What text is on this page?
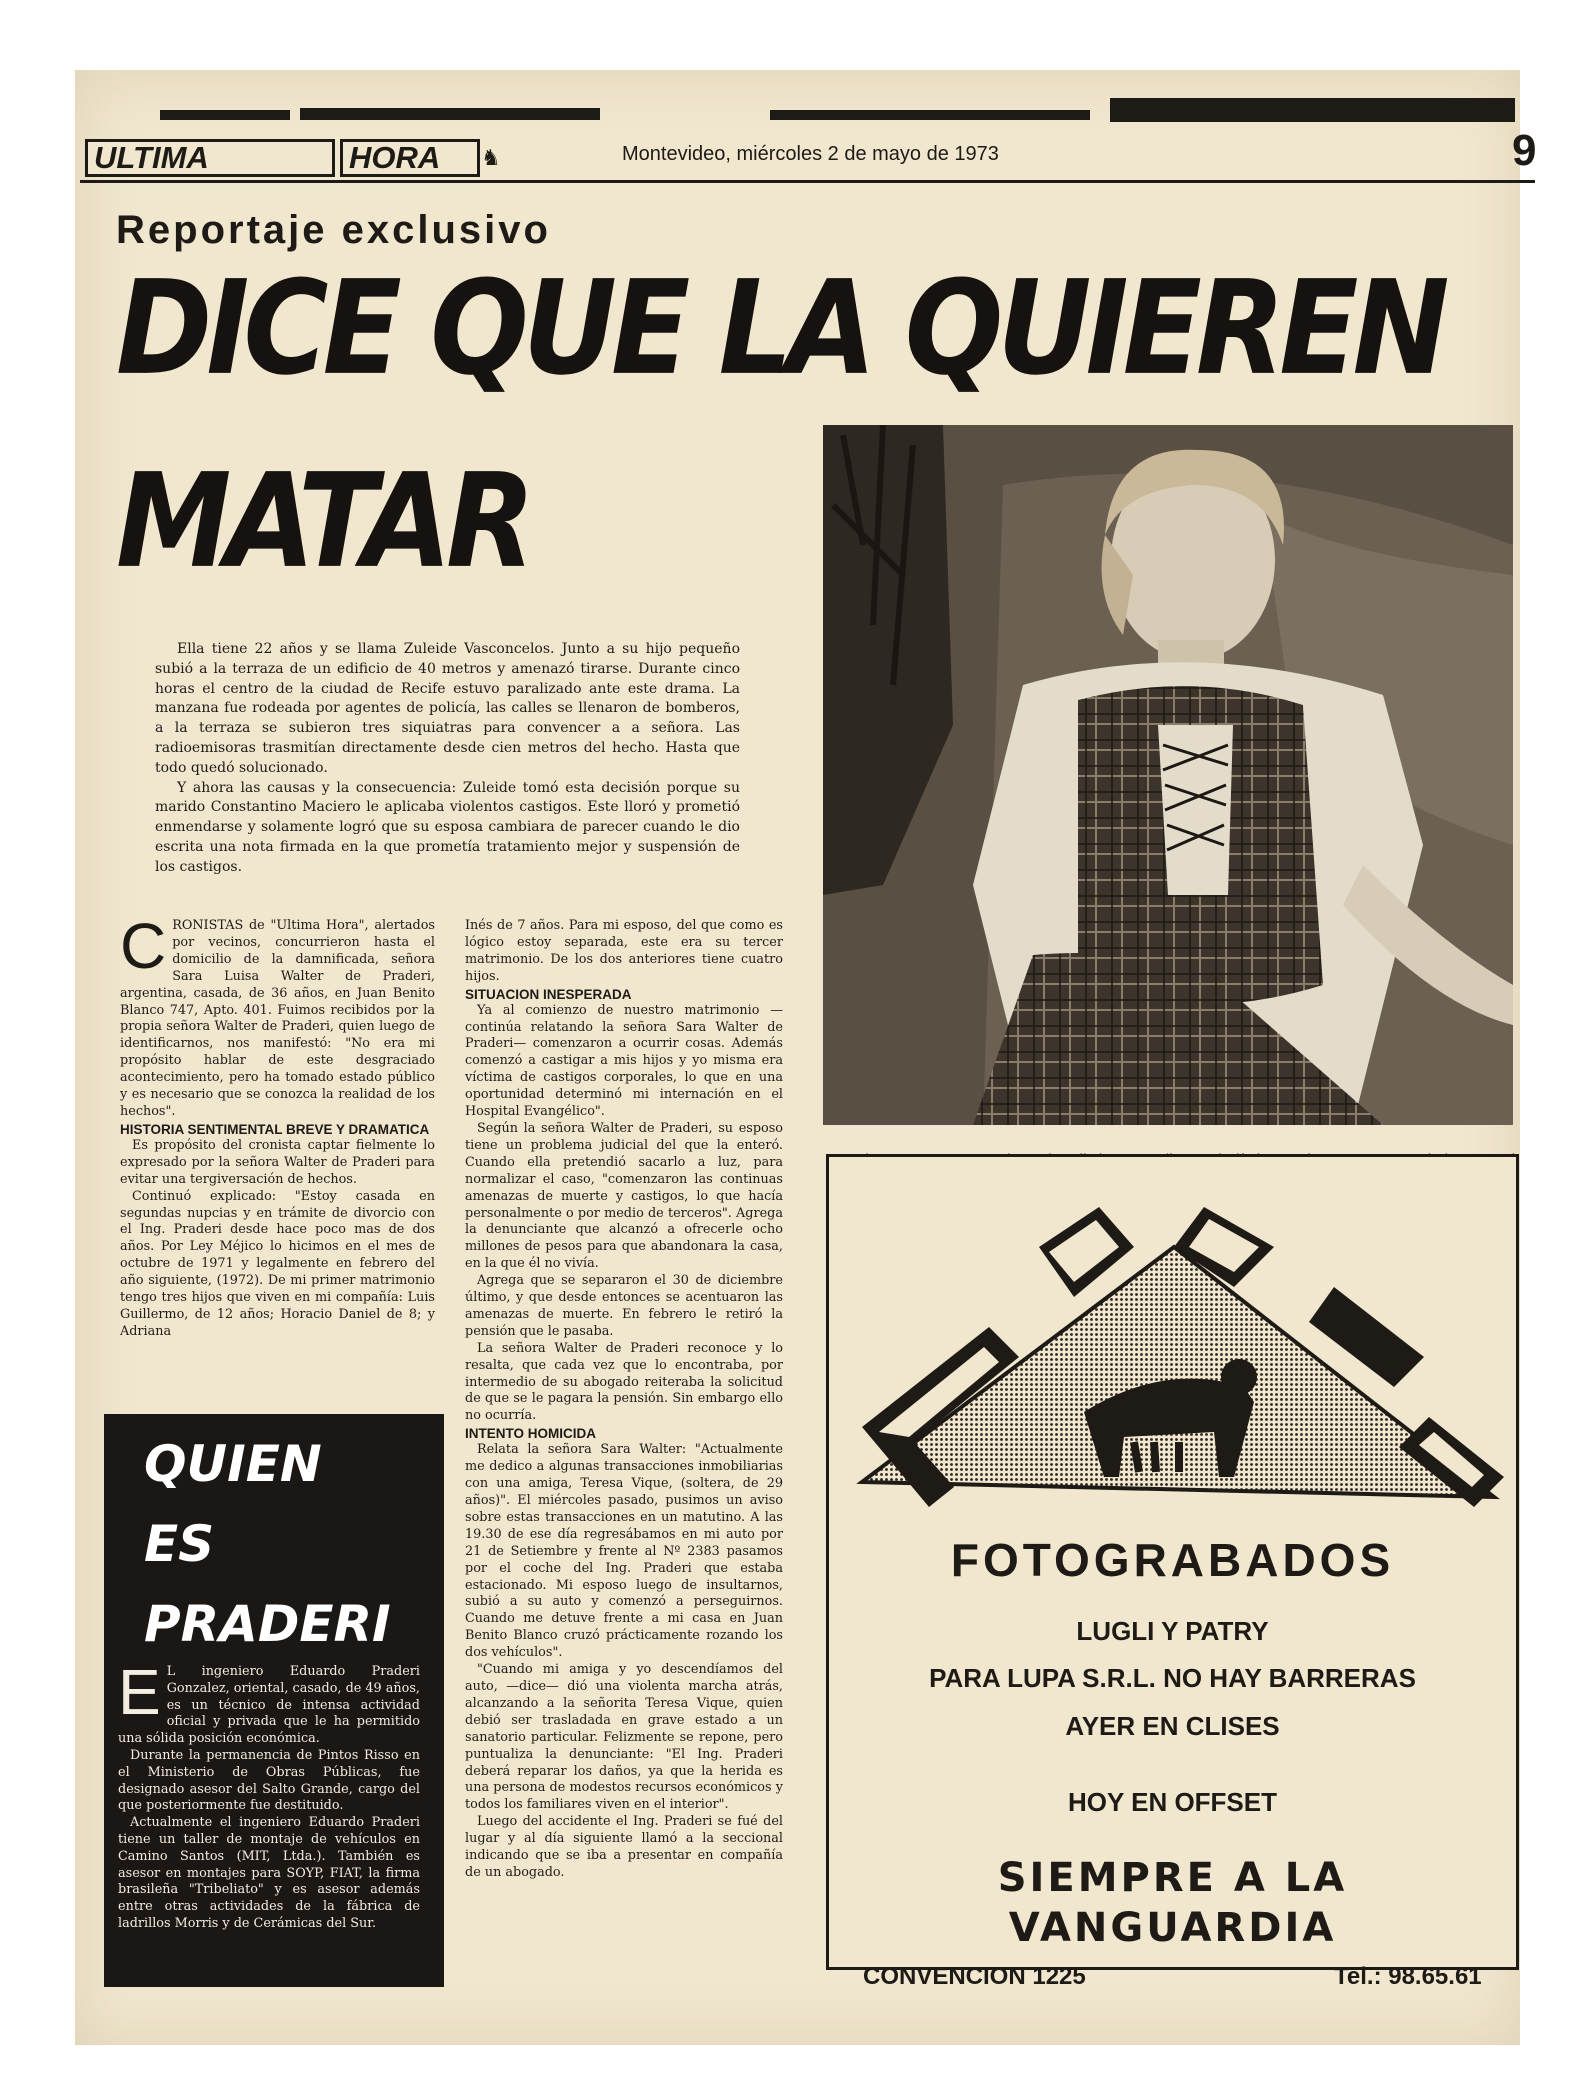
ULTIMA	HORA	♞	Montevideo, miércoles 2 de mayo de 1973	9
Reportaje exclusivo
DICE QUE LA QUIEREN
MATAR

Ella tiene 22 años y se llama Zuleide Vasconcelos. Junto a su hijo pequeño subió a la terraza de un edificio de 40 metros y amenazó tirarse. Durante cinco horas el centro de la ciudad de Recife estuvo paralizado ante este drama. La manzana fue rodeada por agentes de policía, las calles se llenaron de bomberos, a la terraza se subieron tres siquiatras para convencer a a señora. Las radioemisoras trasmitían directamente desde cien metros del hecho. Hasta que todo quedó solucionado.

Y ahora las causas y la consecuencia: Zuleide tomó esta decisión porque su marido Constantino Maciero le aplicaba violentos castigos. Este lloró y prometió enmendarse y solamente logró que su esposa cambiara de parecer cuando le dio escrita una nota firmada en la que prometía tratamiento mejor y suspensión de los castigos.

C RONISTAS de "Ultima Hora", alertados por vecinos, concurrieron hasta el domicilio de la damnificada, señora Sara Luisa Walter de Praderi, argentina, casada, de 36 años, en Juan Benito Blanco 747, Apto. 401. Fuimos recibidos por la propia señora Walter de Praderi, quien luego de identificarnos, nos manifestó: "No era mi propósito hablar de este desgraciado acontecimiento, pero ha tomado estado público y es necesario que se conozca la realidad de los hechos".

HISTORIA SENTIMENTAL BREVE Y DRAMATICA

Es propósito del cronista captar fielmente lo expresado por la señora Walter de Praderi para evitar una tergiversación de hechos.

Continuó explicado: "Estoy casada en segundas nupcias y en trámite de divorcio con el Ing. Praderi desde hace poco mas de dos años. Por Ley Méjico lo hicimos en el mes de octubre de 1971 y legalmente en febrero del año siguiente, (1972). De mi primer matrimonio tengo tres hijos que viven en mi compañía: Luis Guillermo, de 12 años; Horacio Daniel de 8; y Adriana

Inés de 7 años. Para mi esposo, del que como es lógico estoy separada, este era su tercer matrimonio. De los dos anteriores tiene cuatro hijos.

SITUACION INESPERADA

Ya al comienzo de nuestro matrimonio —continúa relatando la señora Sara Walter de Praderi— comenzaron a ocurrir cosas. Además comenzó a castigar a mis hijos y yo misma era víctima de castigos corporales, lo que en una oportunidad determinó mi internación en el Hospital Evangélico".

Según la señora Walter de Praderi, su esposo tiene un problema judicial del que la enteró. Cuando ella pretendió sacarlo a luz, para normalizar el caso, "comenzaron las continuas amenazas de muerte y castigos, lo que hacía personalmente o por medio de terceros". Agrega la denunciante que alcanzó a ofrecerle ocho millones de pesos para que abandonara la casa, en la que él no vivía.

Agrega que se separaron el 30 de diciembre último, y que desde entonces se acentuaron las amenazas de muerte. En febrero le retiró la pensión que le pasaba.

La señora Walter de Praderi reconoce y lo resalta, que cada vez que lo encontraba, por intermedio de su abogado reiteraba la solicitud de que se le pagara la pensión. Sin embargo ello no ocurría.

INTENTO HOMICIDA

Relata la señora Sara Walter: "Actualmente me dedico a algunas transacciones inmobiliarias con una amiga, Teresa Vique, (soltera, de 29 años)". El miércoles pasado, pusimos un aviso sobre estas transacciones en un matutino. A las 19.30 de ese día regresábamos en mi auto por 21 de Setiembre y frente al Nº 2383 pasamos por el coche del Ing. Praderi que estaba estacionado. Mi esposo luego de insultarnos, subió a su auto y comenzó a perseguirnos. Cuando me detuve frente a mi casa en Juan Benito Blanco cruzó prácticamente rozando los dos vehículos".

"Cuando mi amiga y yo descendíamos del auto, —dice— dió una violenta marcha atrás, alcanzando a la señorita Teresa Vique, quien debió ser trasladada en grave estado a un sanatorio particular. Felizmente se repone, pero puntualiza la denunciante: "El Ing. Praderi deberá reparar los daños, ya que la herida es una persona de modestos recursos económicos y todos los familiares viven en el interior".

Luego del accidente el Ing. Praderi se fué del lugar y al día siguiente llamó a la seccional indicando que se iba a presentar en compañía de un abogado.

QUIEN
ES
PRADERI
E L ingeniero Eduardo Praderi Gonzalez, oriental, casado, de 49 años, es un técnico de intensa actividad oficial y privada que le ha permitido una sólida posición económica.

Durante la permanencia de Pintos Risso en el Ministerio de Obras Públicas, fue designado asesor del Salto Grande, cargo del que posteriormente fue destituido.

Actualmente el ingeniero Eduardo Praderi tiene un taller de montaje de vehículos en Camino Santos (MIT, Ltda.). También es asesor en montajes para SOYP, FIAT, la firma brasileña "Tribeliato" y es asesor además entre otras actividades de la fábrica de ladrillos Morris y de Cerámicas del Sur.

FOTOGRABADOS
LUGLI Y PATRY
PARA LUPA S.R.L. NO HAY BARRERAS
AYER EN CLISES
HOY EN OFFSET
SIEMPRE A LA
VANGUARDIA
CONVENCION 1225	Tel.: 98.65.61
